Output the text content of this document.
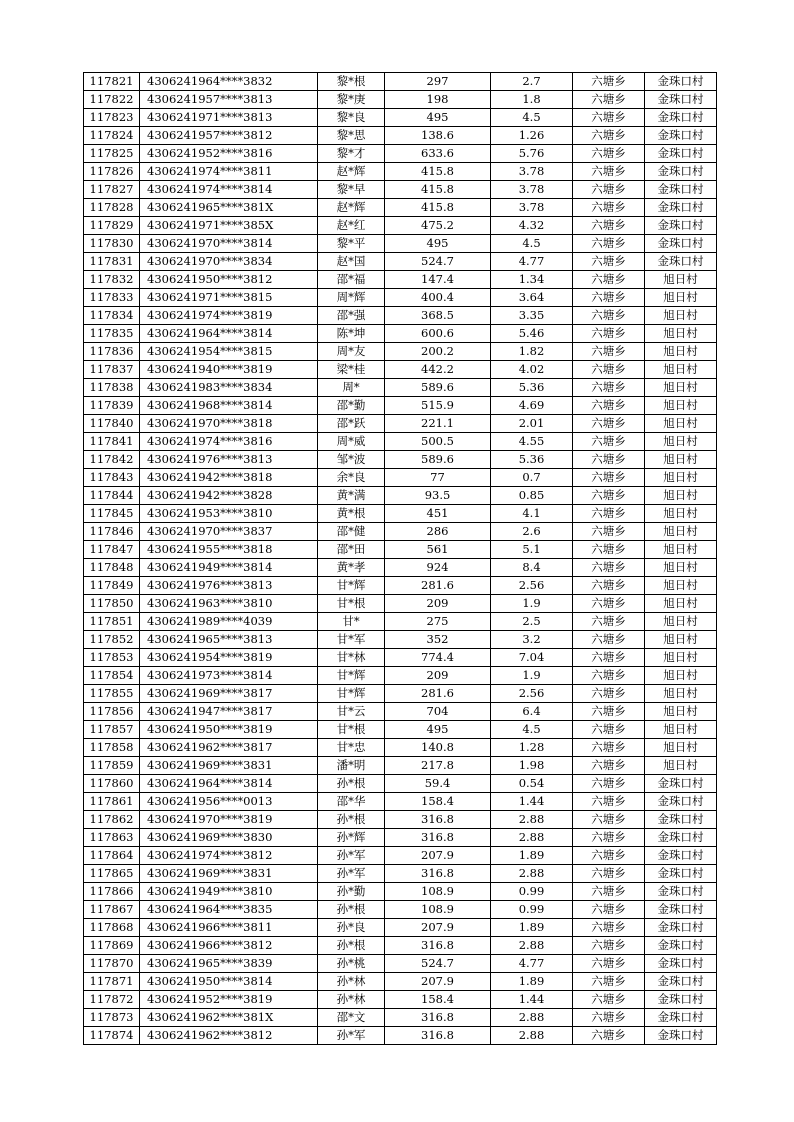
117821	4306241964****3832	黎*根	297	2.7	六塘乡	金珠口村
117822	4306241957****3813	黎*庚	198	1.8	六塘乡	金珠口村
117823	4306241971****3813	黎*良	495	4.5	六塘乡	金珠口村
117824	4306241957****3812	黎*思	138.6	1.26	六塘乡	金珠口村
117825	4306241952****3816	黎*才	633.6	5.76	六塘乡	金珠口村
117826	4306241974****3811	赵*辉	415.8	3.78	六塘乡	金珠口村
117827	4306241974****3814	黎*早	415.8	3.78	六塘乡	金珠口村
117828	4306241965****381X	赵*辉	415.8	3.78	六塘乡	金珠口村
117829	4306241971****385X	赵*红	475.2	4.32	六塘乡	金珠口村
117830	4306241970****3814	黎*平	495	4.5	六塘乡	金珠口村
117831	4306241970****3834	赵*国	524.7	4.77	六塘乡	金珠口村
117832	4306241950****3812	邵*福	147.4	1.34	六塘乡	旭日村
117833	4306241971****3815	周*辉	400.4	3.64	六塘乡	旭日村
117834	4306241974****3819	邵*强	368.5	3.35	六塘乡	旭日村
117835	4306241964****3814	陈*坤	600.6	5.46	六塘乡	旭日村
117836	4306241954****3815	周*友	200.2	1.82	六塘乡	旭日村
117837	4306241940****3819	梁*桂	442.2	4.02	六塘乡	旭日村
117838	4306241983****3834	周*	589.6	5.36	六塘乡	旭日村
117839	4306241968****3814	邵*勤	515.9	4.69	六塘乡	旭日村
117840	4306241970****3818	邵*跃	221.1	2.01	六塘乡	旭日村
117841	4306241974****3816	周*威	500.5	4.55	六塘乡	旭日村
117842	4306241976****3813	邹*波	589.6	5.36	六塘乡	旭日村
117843	4306241942****3818	余*良	77	0.7	六塘乡	旭日村
117844	4306241942****3828	黄*满	93.5	0.85	六塘乡	旭日村
117845	4306241953****3810	黄*根	451	4.1	六塘乡	旭日村
117846	4306241970****3837	邵*健	286	2.6	六塘乡	旭日村
117847	4306241955****3818	邵*田	561	5.1	六塘乡	旭日村
117848	4306241949****3814	黄*孝	924	8.4	六塘乡	旭日村
117849	4306241976****3813	甘*辉	281.6	2.56	六塘乡	旭日村
117850	4306241963****3810	甘*根	209	1.9	六塘乡	旭日村
117851	4306241989****4039	甘*	275	2.5	六塘乡	旭日村
117852	4306241965****3813	甘*军	352	3.2	六塘乡	旭日村
117853	4306241954****3819	甘*林	774.4	7.04	六塘乡	旭日村
117854	4306241973****3814	甘*辉	209	1.9	六塘乡	旭日村
117855	4306241969****3817	甘*辉	281.6	2.56	六塘乡	旭日村
117856	4306241947****3817	甘*云	704	6.4	六塘乡	旭日村
117857	4306241950****3819	甘*根	495	4.5	六塘乡	旭日村
117858	4306241962****3817	甘*忠	140.8	1.28	六塘乡	旭日村
117859	4306241969****3831	潘*明	217.8	1.98	六塘乡	旭日村
117860	4306241964****3814	孙*根	59.4	0.54	六塘乡	金珠口村
117861	4306241956****0013	邵*华	158.4	1.44	六塘乡	金珠口村
117862	4306241970****3819	孙*根	316.8	2.88	六塘乡	金珠口村
117863	4306241969****3830	孙*辉	316.8	2.88	六塘乡	金珠口村
117864	4306241974****3812	孙*军	207.9	1.89	六塘乡	金珠口村
117865	4306241969****3831	孙*军	316.8	2.88	六塘乡	金珠口村
117866	4306241949****3810	孙*勤	108.9	0.99	六塘乡	金珠口村
117867	4306241964****3835	孙*根	108.9	0.99	六塘乡	金珠口村
117868	4306241966****3811	孙*良	207.9	1.89	六塘乡	金珠口村
117869	4306241966****3812	孙*根	316.8	2.88	六塘乡	金珠口村
117870	4306241965****3839	孙*桃	524.7	4.77	六塘乡	金珠口村
117871	4306241950****3814	孙*林	207.9	1.89	六塘乡	金珠口村
117872	4306241952****3819	孙*林	158.4	1.44	六塘乡	金珠口村
117873	4306241962****381X	邵*文	316.8	2.88	六塘乡	金珠口村
117874	4306241962****3812	孙*军	316.8	2.88	六塘乡	金珠口村
